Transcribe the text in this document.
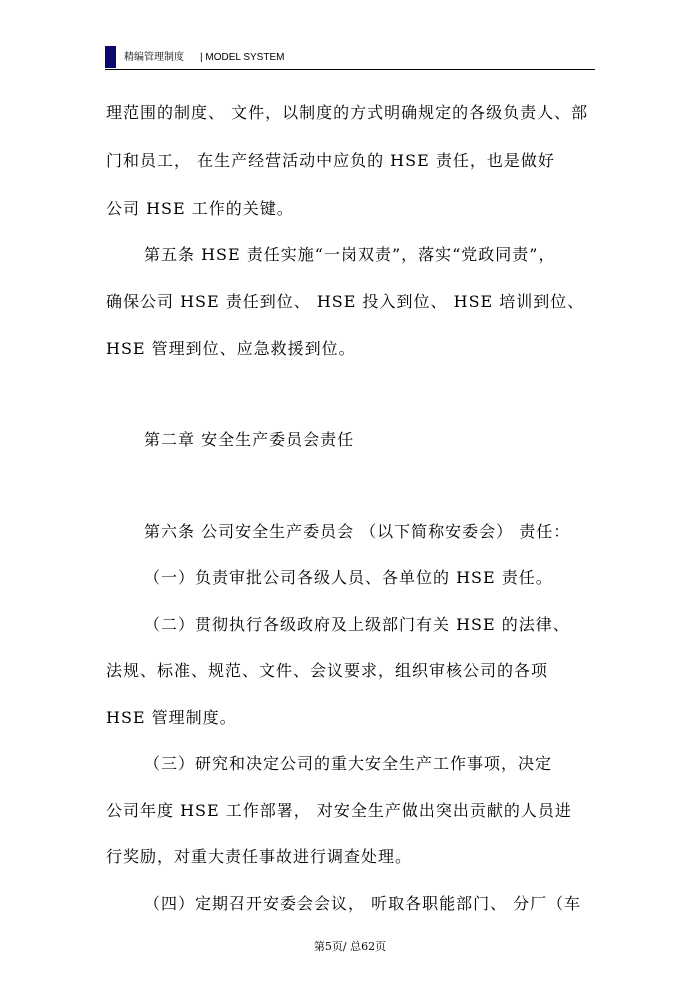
精编管理制度 | MODEL SYSTEM
理范围的制度、 文件，以制度的方式明确规定的各级负责人、部
门和员工， 在生产经营活动中应负的 HSE 责任，也是做好
公司 HSE 工作的关键。
第五条 HSE 责任实施“一岗双责”，落实“党政同责”，
确保公司 HSE 责任到位、 HSE 投入到位、 HSE 培训到位、
HSE 管理到位、应急救援到位。
第二章 安全生产委员会责任
第六条 公司安全生产委员会 （以下简称安委会） 责任：
（一）负责审批公司各级人员、各单位的 HSE 责任。
（二）贯彻执行各级政府及上级部门有关 HSE 的法律、
法规、标准、规范、文件、会议要求，组织审核公司的各项
HSE 管理制度。
（三）研究和决定公司的重大安全生产工作事项，决定
公司年度 HSE 工作部署， 对安全生产做出突出贡献的人员进
行奖励，对重大责任事故进行调查处理。
（四）定期召开安委会会议， 听取各职能部门、 分厂（车
第5页/ 总62页
